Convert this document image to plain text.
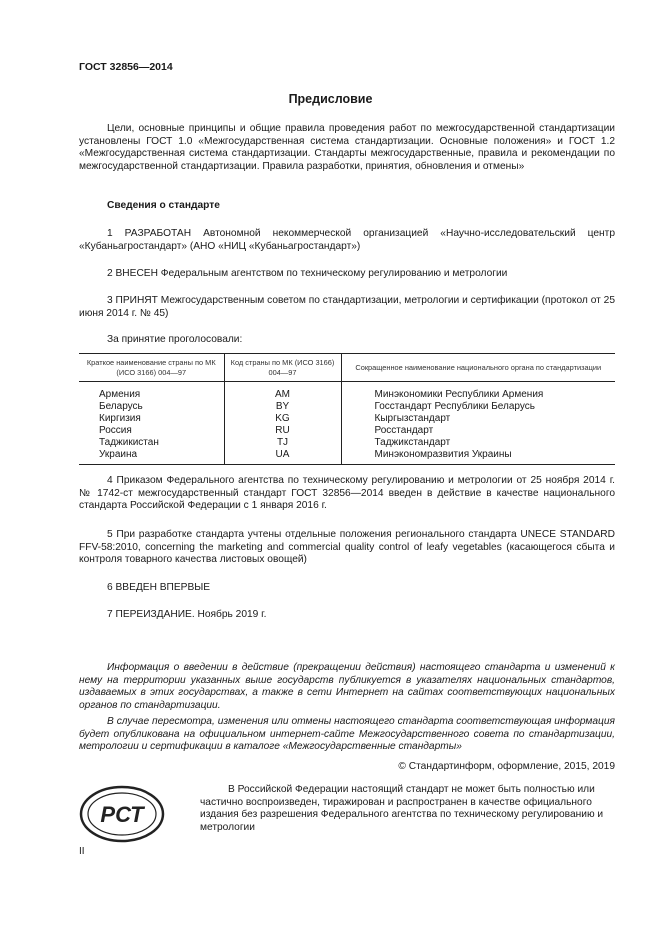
ГОСТ 32856—2014
Предисловие
Цели, основные принципы и общие правила проведения работ по межгосударственной стандартизации установлены ГОСТ 1.0 «Межгосударственная система стандартизации. Основные положения» и ГОСТ 1.2 «Межгосударственная система стандартизации. Стандарты межгосударственные, правила и рекомендации по межгосударственной стандартизации. Правила разработки, принятия, обновления и отмены»
Сведения о стандарте
1 РАЗРАБОТАН Автономной некоммерческой организацией «Научно-исследовательский центр «Кубаньагростандарт» (АНО «НИЦ «Кубаньагростандарт»)
2 ВНЕСЕН Федеральным агентством по техническому регулированию и метрологии
3 ПРИНЯТ Межгосударственным советом по стандартизации, метрологии и сертификации (протокол от 25 июня 2014 г. № 45)
За принятие проголосовали:
Краткое наименование страны по МК (ИСО 3166) 004—97	Код страны по МК (ИСО 3166) 004—97	Сокращенное наименование национального органа по стандартизации
Армения	AM	Минэкономики Республики Армения
Беларусь	BY	Госстандарт Республики Беларусь
Киргизия	KG	Кыргызстандарт
Россия	RU	Росстандарт
Таджикистан	TJ	Таджикстандарт
Украина	UA	Минэкономразвития Украины
4 Приказом Федерального агентства по техническому регулированию и метрологии от 25 ноября 2014 г. № 1742-ст межгосударственный стандарт ГОСТ 32856—2014 введен в действие в качестве национального стандарта Российской Федерации с 1 января 2016 г.
5 При разработке стандарта учтены отдельные положения регионального стандарта UNECE STANDARD FFV-58:2010, concerning the marketing and commercial quality control of leafy vegetables (касающегося сбыта и контроля товарного качества листовых овощей)
6 ВВЕДЕН ВПЕРВЫЕ
7 ПЕРЕИЗДАНИЕ. Ноябрь 2019 г.
Информация о введении в действие (прекращении действия) настоящего стандарта и изменений к нему на территории указанных выше государств публикуется в указателях национальных стандартов, издаваемых в этих государствах, а также в сети Интернет на сайтах соответствующих национальных органов по стандартизации.
В случае пересмотра, изменения или отмены настоящего стандарта соответствующая информация будет опубликована на официальном интернет-сайте Межгосударственного совета по стандартизации, метрологии и сертификации в каталоге «Межгосударственные стандарты»
© Стандартинформ, оформление, 2015, 2019
РСТ
В Российской Федерации настоящий стандарт не может быть полностью или частично воспроизведен, тиражирован и распространен в качестве официального издания без разрешения Федерального агентства по техническому регулированию и метрологии
II
